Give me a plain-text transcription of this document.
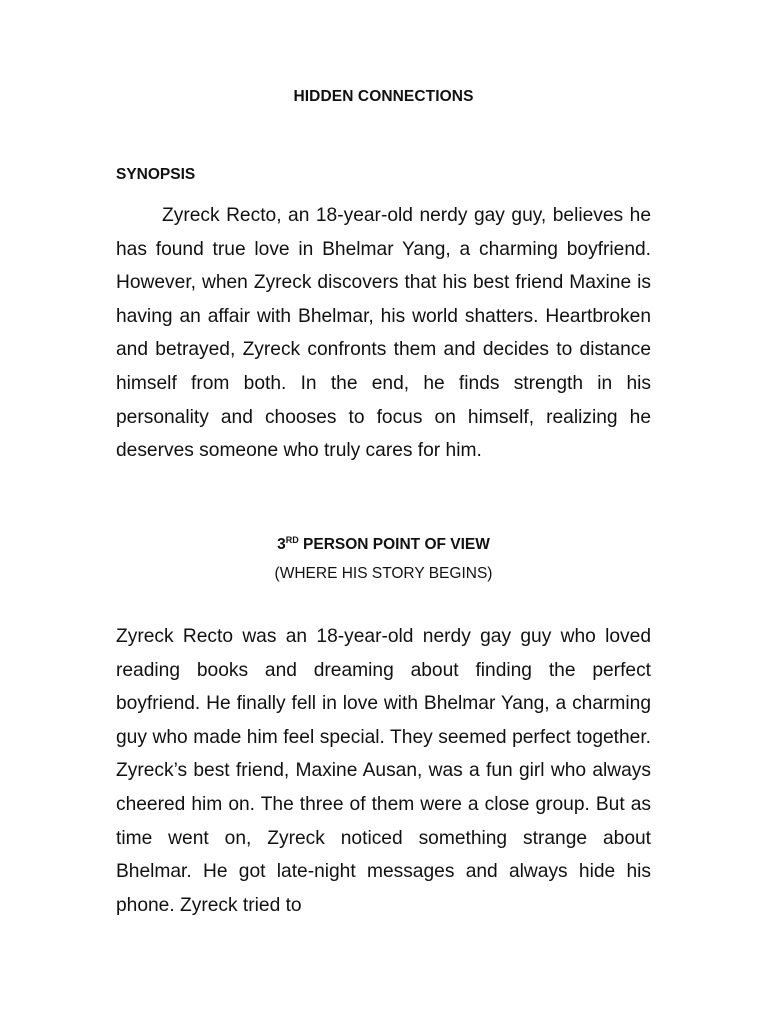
HIDDEN CONNECTIONS
SYNOPSIS

Zyreck Recto, an 18-year-old nerdy gay guy, believes he has found true love in Bhelmar Yang, a charming boyfriend. However, when Zyreck discovers that his best friend Maxine is having an affair with Bhelmar, his world shatters. Heartbroken and betrayed, Zyreck confronts them and decides to distance himself from both. In the end, he finds strength in his personality and chooses to focus on himself, realizing he deserves someone who truly cares for him.

3RD PERSON POINT OF VIEW

(WHERE HIS STORY BEGINS)

Zyreck Recto was an 18-year-old nerdy gay guy who loved reading books and dreaming about finding the perfect boyfriend. He finally fell in love with Bhelmar Yang, a charming guy who made him feel special. They seemed perfect together. Zyreck’s best friend, Maxine Ausan, was a fun girl who always cheered him on. The three of them were a close group. But as time went on, Zyreck noticed something strange about Bhelmar. He got late-night messages and always hide his phone. Zyreck tried to
